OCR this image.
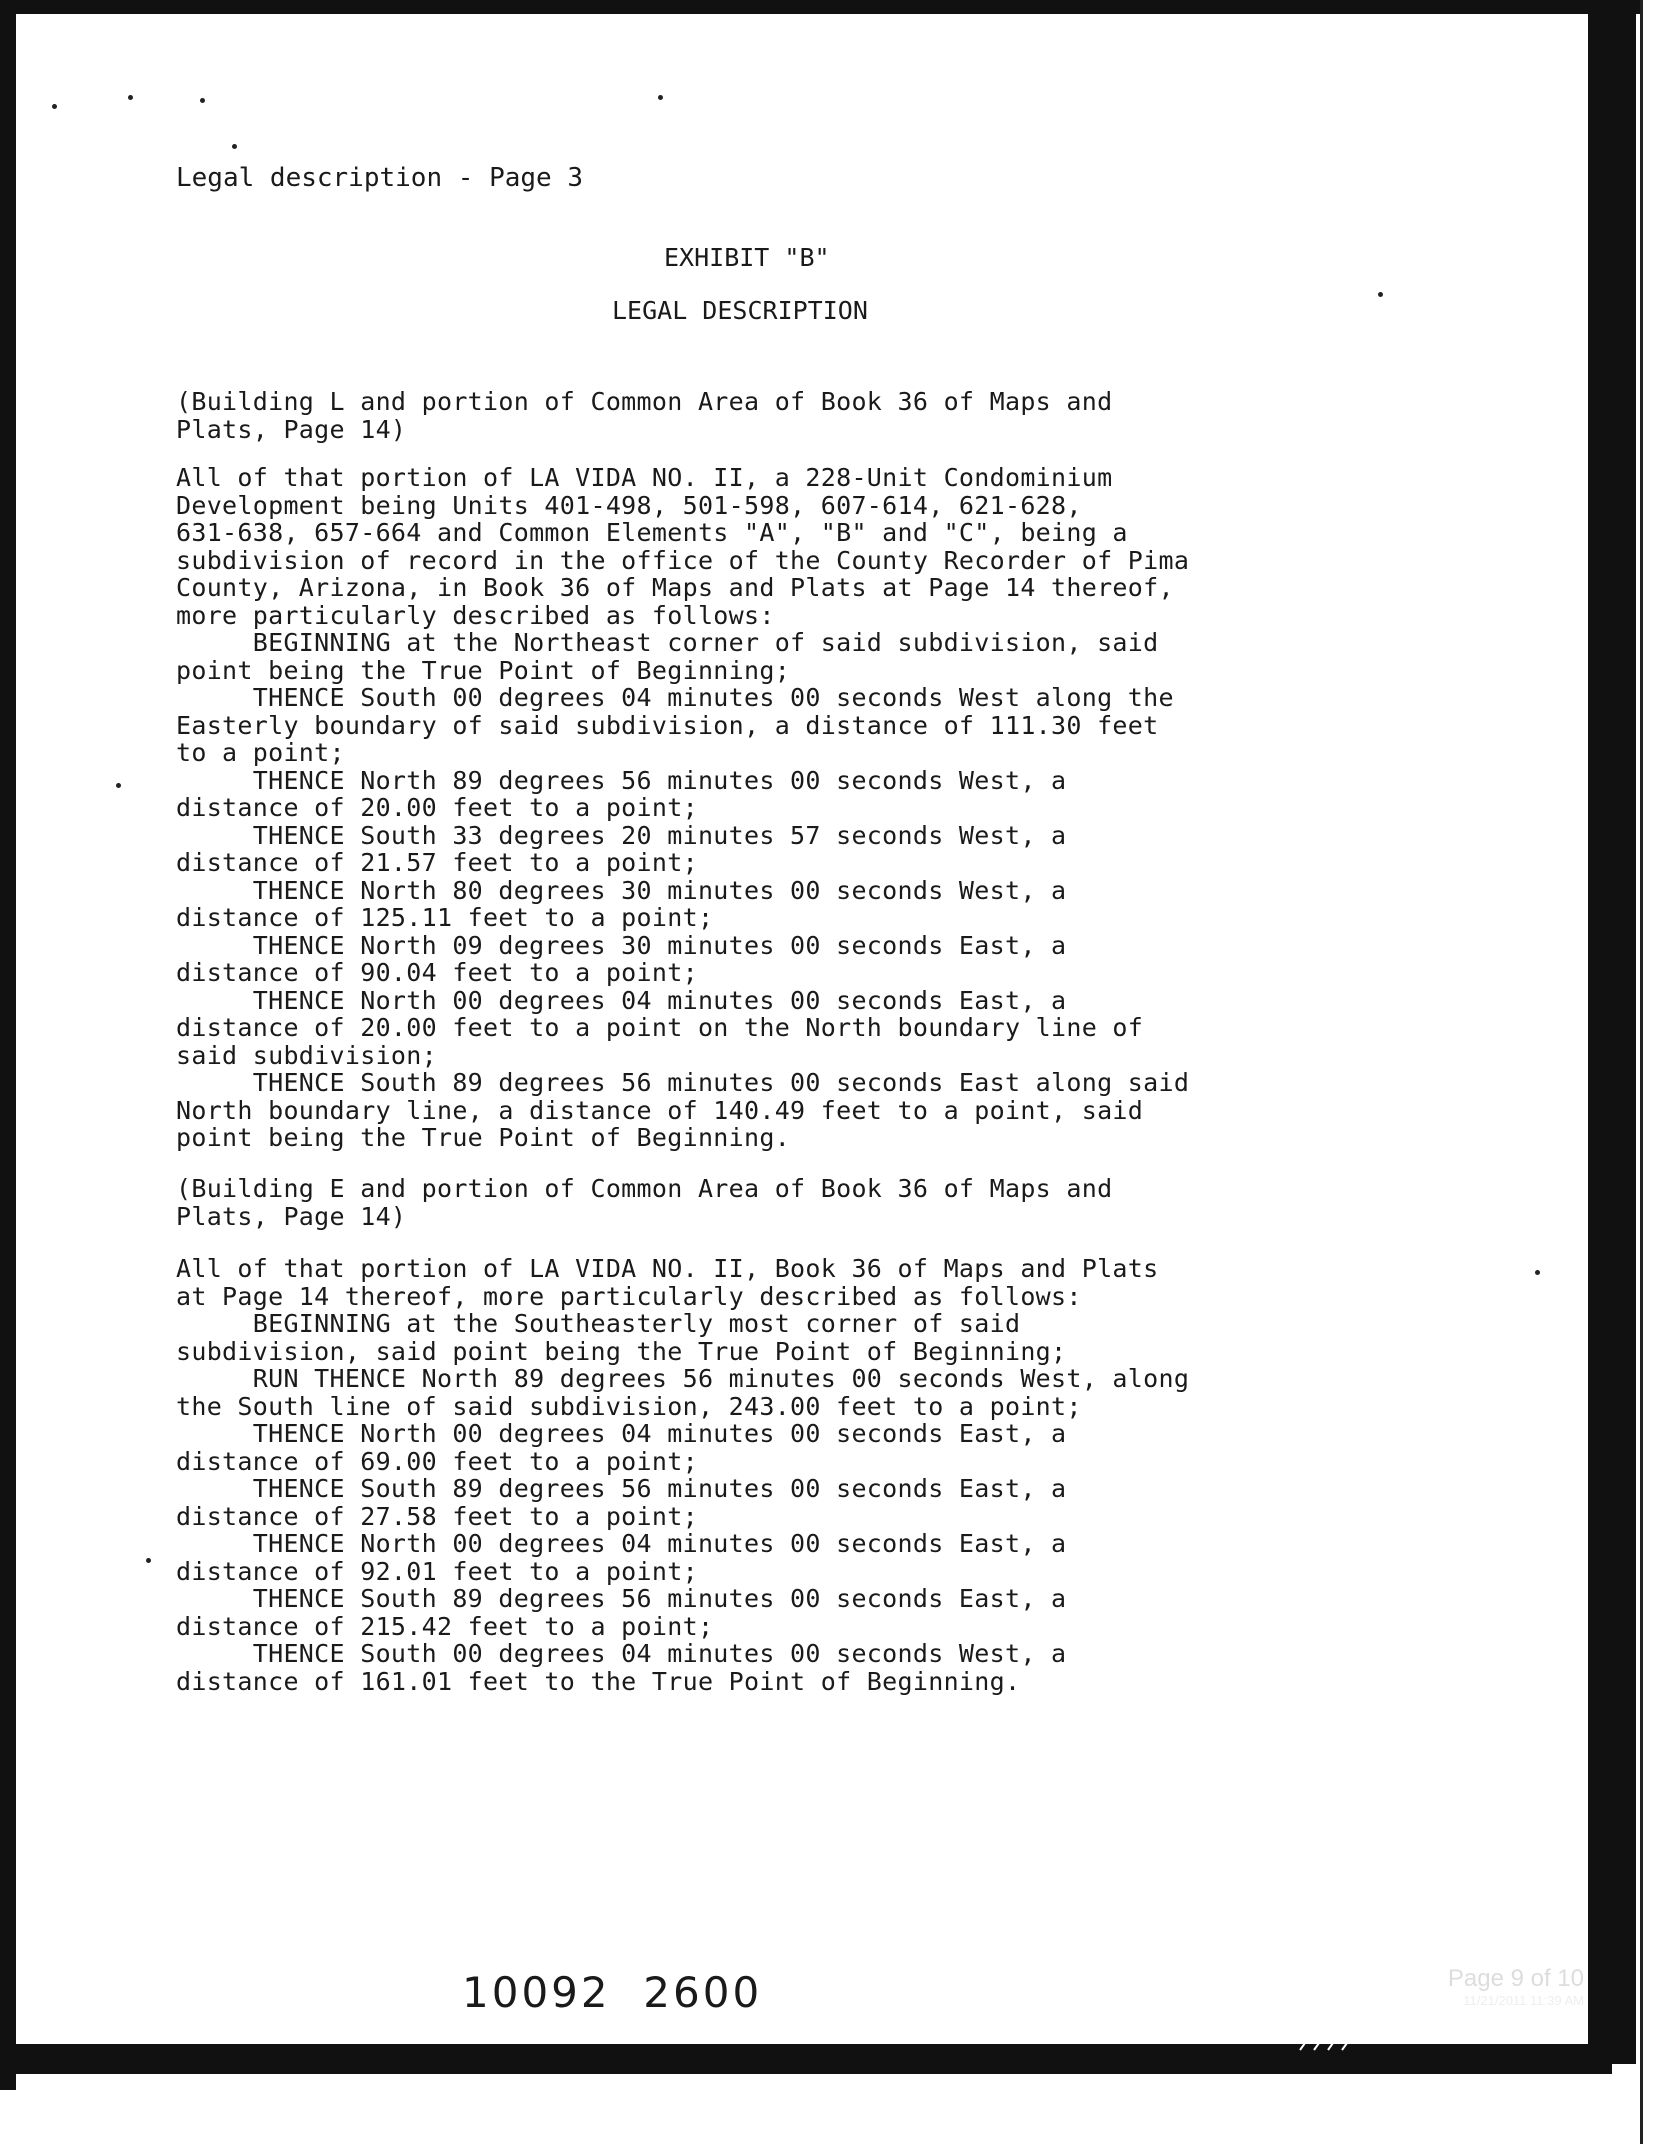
Legal description - Page 3
EXHIBIT "B"
LEGAL DESCRIPTION
(Building L and portion of Common Area of Book 36 of Maps and
Plats, Page 14)
All of that portion of LA VIDA NO. II, a 228-Unit Condominium
Development being Units 401-498, 501-598, 607-614, 621-628,
631-638, 657-664 and Common Elements "A", "B" and "C", being a
subdivision of record in the office of the County Recorder of Pima
County, Arizona, in Book 36 of Maps and Plats at Page 14 thereof,
more particularly described as follows:
BEGINNING at the Northeast corner of said subdivision, said
point being the True Point of Beginning;
THENCE South 00 degrees 04 minutes 00 seconds West along the
Easterly boundary of said subdivision, a distance of 111.30 feet
to a point;
THENCE North 89 degrees 56 minutes 00 seconds West, a
distance of 20.00 feet to a point;
THENCE South 33 degrees 20 minutes 57 seconds West, a
distance of 21.57 feet to a point;
THENCE North 80 degrees 30 minutes 00 seconds West, a
distance of 125.11 feet to a point;
THENCE North 09 degrees 30 minutes 00 seconds East, a
distance of 90.04 feet to a point;
THENCE North 00 degrees 04 minutes 00 seconds East, a
distance of 20.00 feet to a point on the North boundary line of
said subdivision;
THENCE South 89 degrees 56 minutes 00 seconds East along said
North boundary line, a distance of 140.49 feet to a point, said
point being the True Point of Beginning.
(Building E and portion of Common Area of Book 36 of Maps and
Plats, Page 14)
All of that portion of LA VIDA NO. II, Book 36 of Maps and Plats
at Page 14 thereof, more particularly described as follows:
BEGINNING at the Southeasterly most corner of said
subdivision, said point being the True Point of Beginning;
RUN THENCE North 89 degrees 56 minutes 00 seconds West, along
the South line of said subdivision, 243.00 feet to a point;
THENCE North 00 degrees 04 minutes 00 seconds East, a
distance of 69.00 feet to a point;
THENCE South 89 degrees 56 minutes 00 seconds East, a
distance of 27.58 feet to a point;
THENCE North 00 degrees 04 minutes 00 seconds East, a
distance of 92.01 feet to a point;
THENCE South 89 degrees 56 minutes 00 seconds East, a
distance of 215.42 feet to a point;
THENCE South 00 degrees 04 minutes 00 seconds West, a
distance of 161.01 feet to the True Point of Beginning.
10092  2600	Page 9 of 10
11/21/2011 11:39 AM
